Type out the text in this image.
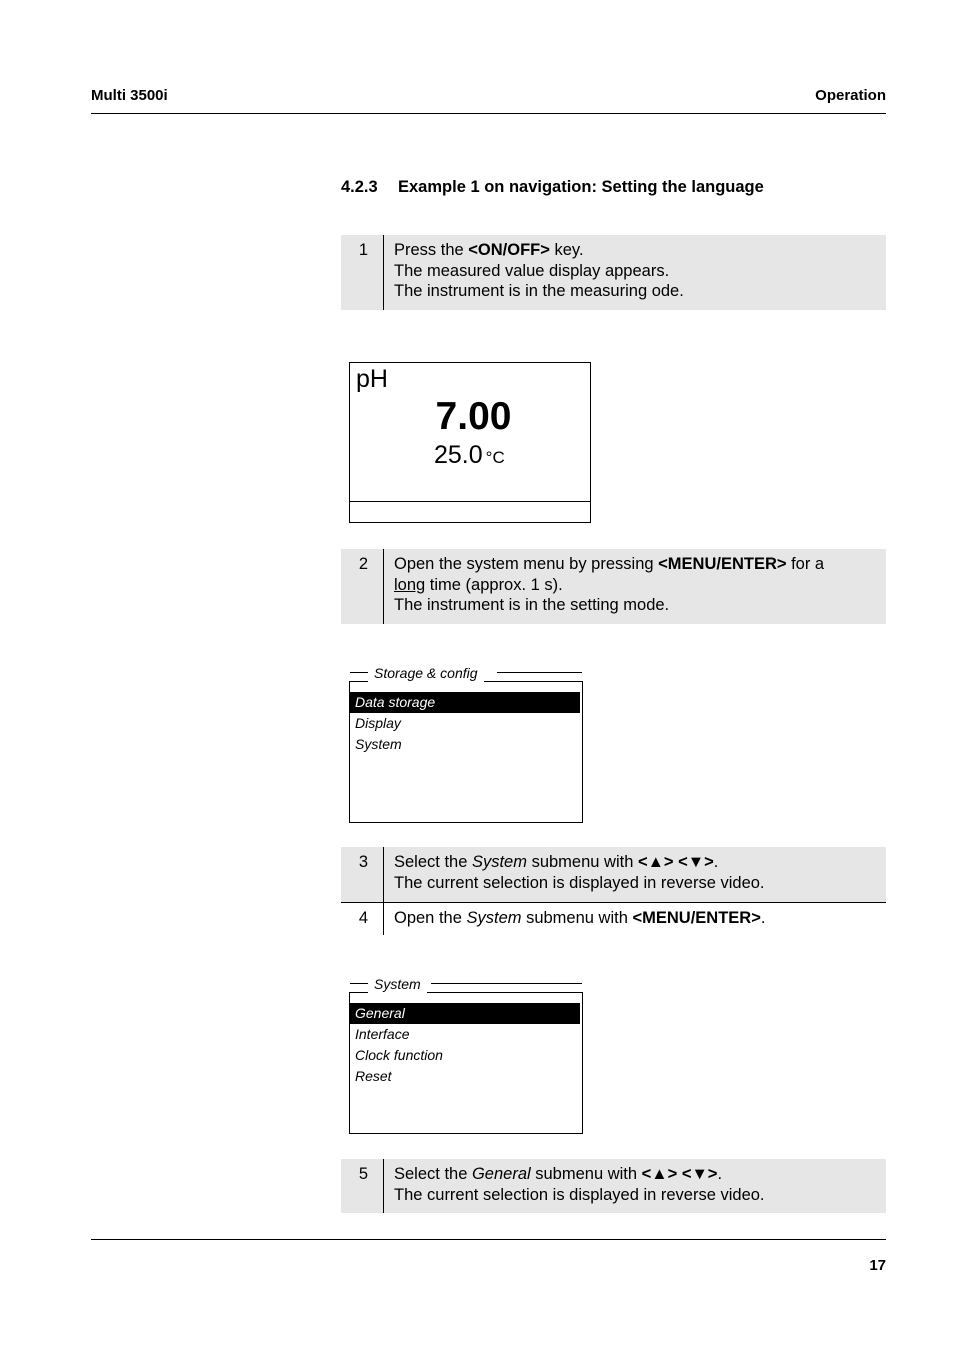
Multi 3500i	Operation
4.2.3 Example 1 on navigation: Setting the language
1	Press the <ON/OFF> key.
The measured value display appears.
The instrument is in the measuring ode.
pH
7.00
25.0 °C
2	Open the system menu by pressing <MENU/ENTER> for a
long time (approx. 1 s).
The instrument is in the setting mode.
Storage & config
Data storage
Display
System
3	Select the System submenu with <▲> <▼>.
The current selection is displayed in reverse video.
4	Open the System submenu with <MENU/ENTER>.
System
General
Interface
Clock function
Reset
5	Select the General submenu with <▲> <▼>.
The current selection is displayed in reverse video.
17
